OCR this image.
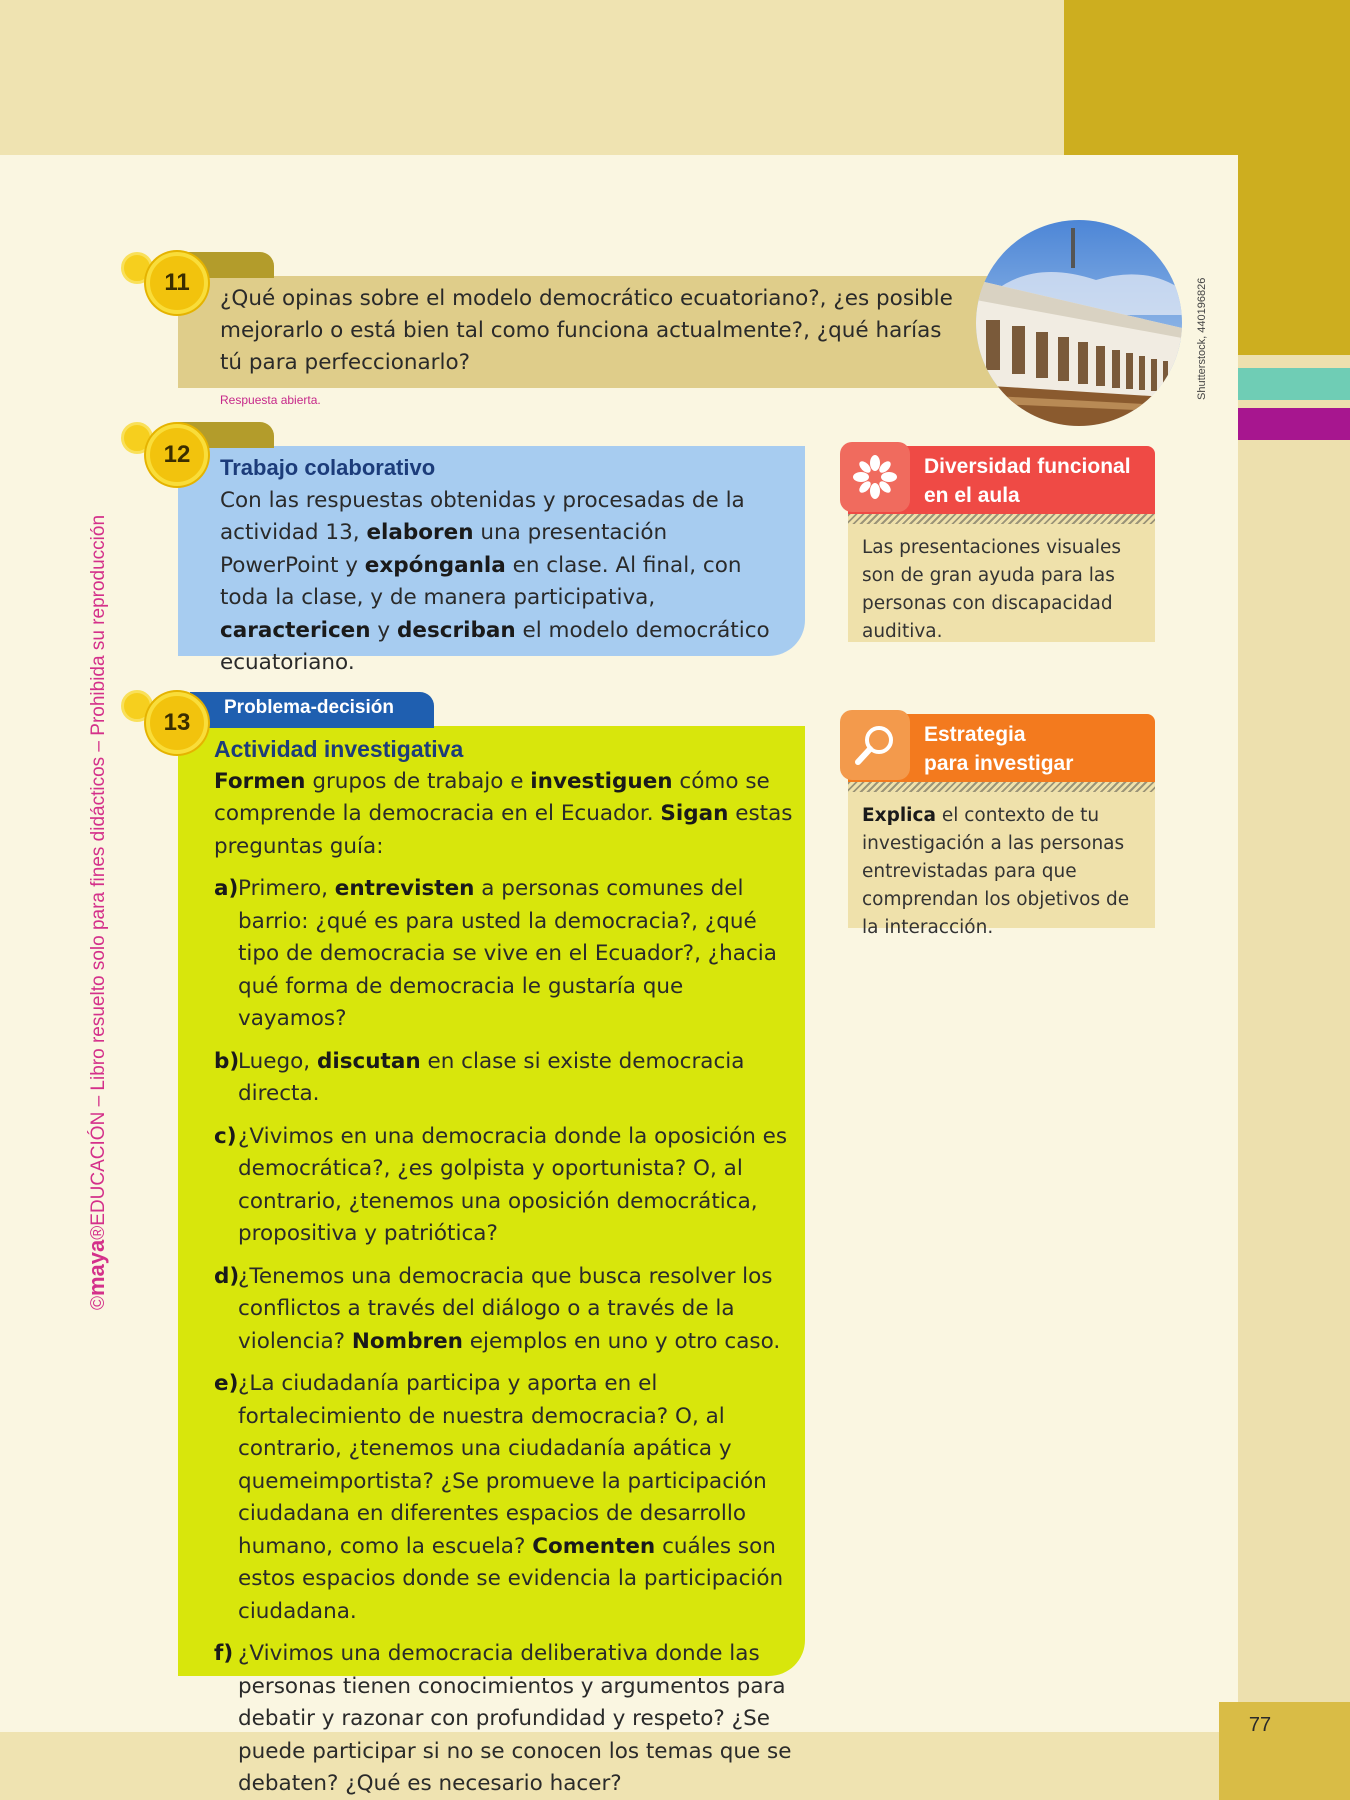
77
©maya®EDUCACIÓN – Libro resuelto solo para fines didácticos – Prohibida su reproducción
Shutterstock, 440196826
11
¿Qué opinas sobre el modelo democrático ecuatoriano?, ¿es posible mejorarlo o está bien tal como funciona actualmente?, ¿qué harías tú para perfeccionarlo?
Respuesta abierta.
12	Trabajo colaborativo
Con las respuestas obtenidas y procesadas de la actividad 13, elaboren una presentación PowerPoint y expónganla en clase. Al final, con toda la clase, y de manera participativa, caractericen y describan el modelo democrático ecuatoriano.
Problema-decisión
13
Actividad investigativa
Formen grupos de trabajo e investiguen cómo se comprende la democracia en el Ecuador. Sigan estas preguntas guía:
a) Primero, entrevisten a personas comunes del barrio: ¿qué es para usted la democracia?, ¿qué tipo de democracia se vive en el Ecuador?, ¿hacia qué forma de democracia le gustaría que vayamos?
b)
Luego, discutan en clase si existe democracia directa.
c) ¿Vivimos en una democracia donde la oposición es democrática?, ¿es golpista y oportunista? O, al contrario, ¿tenemos una oposición democrática, propositiva y patriótica?
d)
¿Tenemos una democracia que busca resolver los conflictos a través del diálogo o a través de la violencia? Nombren ejemplos en uno y otro caso.
e) ¿La ciudadanía participa y aporta en el fortalecimiento de nuestra democracia? O, al contrario, ¿tenemos una ciudadanía apática y quemeimportista? ¿Se promueve la participación ciudadana en diferentes espacios de desarrollo humano, como la escuela? Comenten cuáles son estos espacios donde se evidencia la participación ciudadana.
f) ¿Vivimos una democracia deliberativa donde las personas tienen conocimientos y argumentos para debatir y razonar con profundidad y respeto? ¿Se puede participar si no se conocen los temas que se debaten? ¿Qué es necesario hacer?
Diversidad funcional
en el aula
Las presentaciones visuales son de gran ayuda para las personas con discapacidad auditiva.
Estrategia
para investigar
Explica el contexto de tu investigación a las personas entrevistadas para que comprendan los objetivos de la interacción.
